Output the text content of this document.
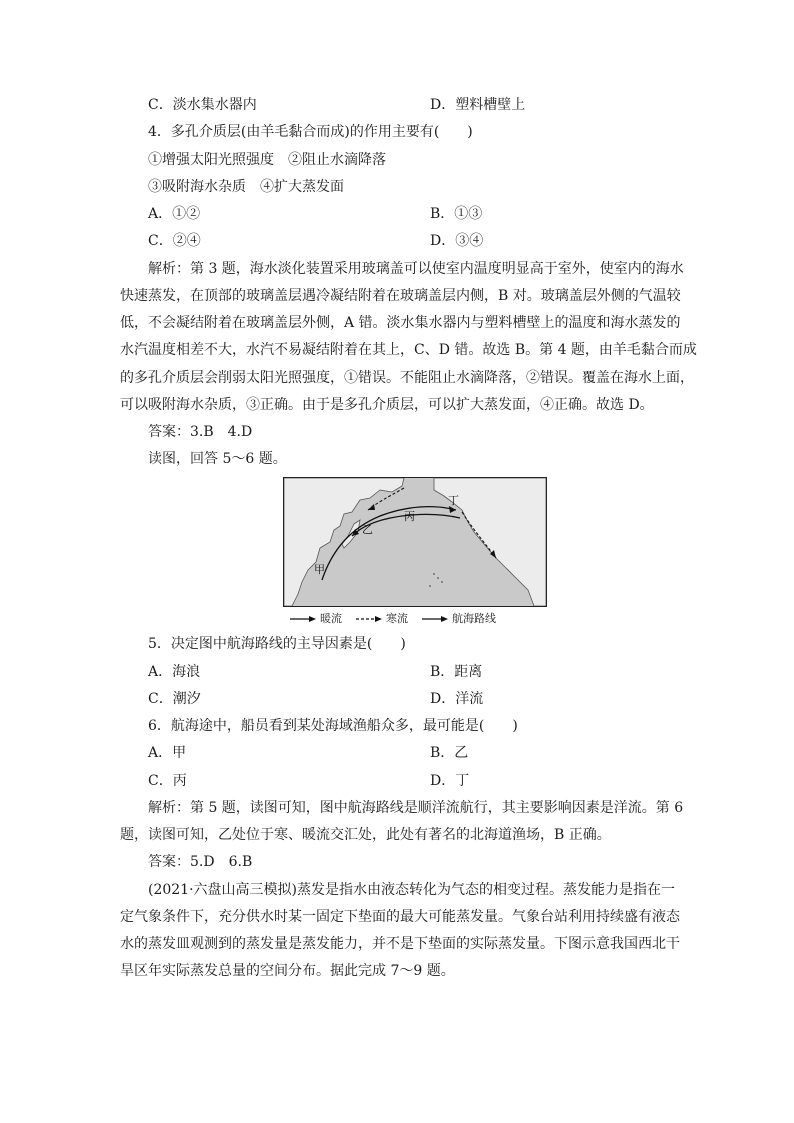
C．淡水集水器内	D．塑料槽壁上
4．多孔介质层(由羊毛黏合而成)的作用主要有(　　)
①增强太阳光照强度　②阻止水滴降落
③吸附海水杂质　④扩大蒸发面
A．①②	B．①③
C．②④	D．③④
解析：第 3 题，海水淡化装置采用玻璃盖可以使室内温度明显高于室外，使室内的海水
快速蒸发，在顶部的玻璃盖层遇冷凝结附着在玻璃盖层内侧，B 对。玻璃盖层外侧的气温较
低，不会凝结附着在玻璃盖层外侧，A 错。淡水集水器内与塑料槽壁上的温度和海水蒸发的
水汽温度相差不大，水汽不易凝结附着在其上，C、D 错。故选 B。第 4 题，由羊毛黏合而成
的多孔介质层会削弱太阳光照强度，①错误。不能阻止水滴降落，②错误。覆盖在海水上面，
可以吸附海水杂质，③正确。由于是多孔介质层，可以扩大蒸发面，④正确。故选 D。
答案：3.B　4.D
读图，回答 5～6 题。
丙
丁
乙
甲
暖流	寒流	航海路线
5．决定图中航海路线的主导因素是(　　)
A．海浪	B．距离
C．潮汐	D．洋流
6．航海途中，船员看到某处海域渔船众多，最可能是(　　)
A．甲	B．乙
C．丙	D．丁
解析：第 5 题，读图可知，图中航海路线是顺洋流航行，其主要影响因素是洋流。第 6
题，读图可知，乙处位于寒、暖流交汇处，此处有著名的北海道渔场，B 正确。
答案：5.D　6.B
(2021·六盘山高三模拟)蒸发是指水由液态转化为气态的相变过程。蒸发能力是指在一
定气象条件下，充分供水时某一固定下垫面的最大可能蒸发量。气象台站利用持续盛有液态
水的蒸发皿观测到的蒸发量是蒸发能力，并不是下垫面的实际蒸发量。下图示意我国西北干
旱区年实际蒸发总量的空间分布。据此完成 7～9 题。
